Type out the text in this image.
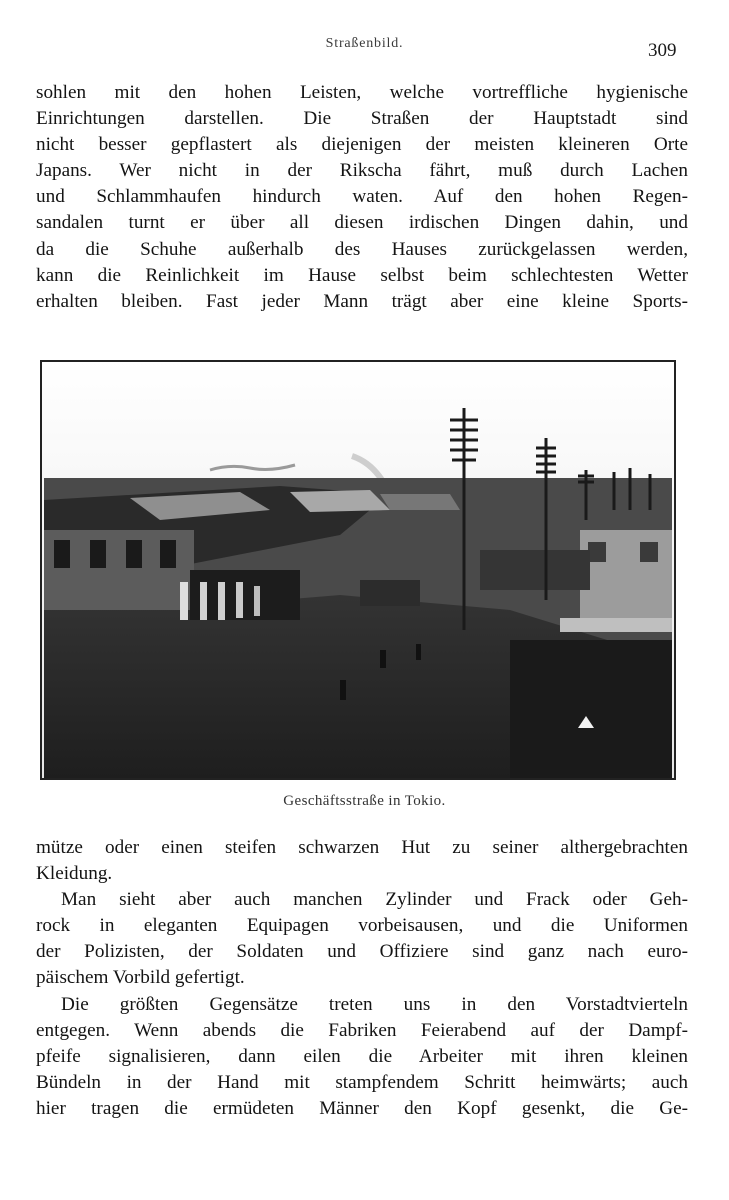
Straßenbild.	309
sohlen mit den hohen Leisten, welche vortreffliche hygienische
Einrichtungen darstellen. Die Straßen der Hauptstadt sind
nicht besser gepflastert als diejenigen der meisten kleineren Orte
Japans. Wer nicht in der Rikscha fährt, muß durch Lachen
und Schlammhaufen hindurch waten. Auf den hohen Regen-
sandalen turnt er über all diesen irdischen Dingen dahin, und
da die Schuhe außerhalb des Hauses zurückgelassen werden,
kann die Reinlichkeit im Hause selbst beim schlechtesten Wetter
erhalten bleiben. Fast jeder Mann trägt aber eine kleine Sports-
Geschäftsstraße in Tokio.
mütze oder einen steifen schwarzen Hut zu seiner althergebrachten
Kleidung.
Man sieht aber auch manchen Zylinder und Frack oder Geh-
rock in eleganten Equipagen vorbeisausen, und die Uniformen
der Polizisten, der Soldaten und Offiziere sind ganz nach euro-
päischem Vorbild gefertigt.
Die größten Gegensätze treten uns in den Vorstadtvierteln
entgegen. Wenn abends die Fabriken Feierabend auf der Dampf-
pfeife signalisieren, dann eilen die Arbeiter mit ihren kleinen
Bündeln in der Hand mit stampfendem Schritt heimwärts; auch
hier tragen die ermüdeten Männer den Kopf gesenkt, die Ge-
